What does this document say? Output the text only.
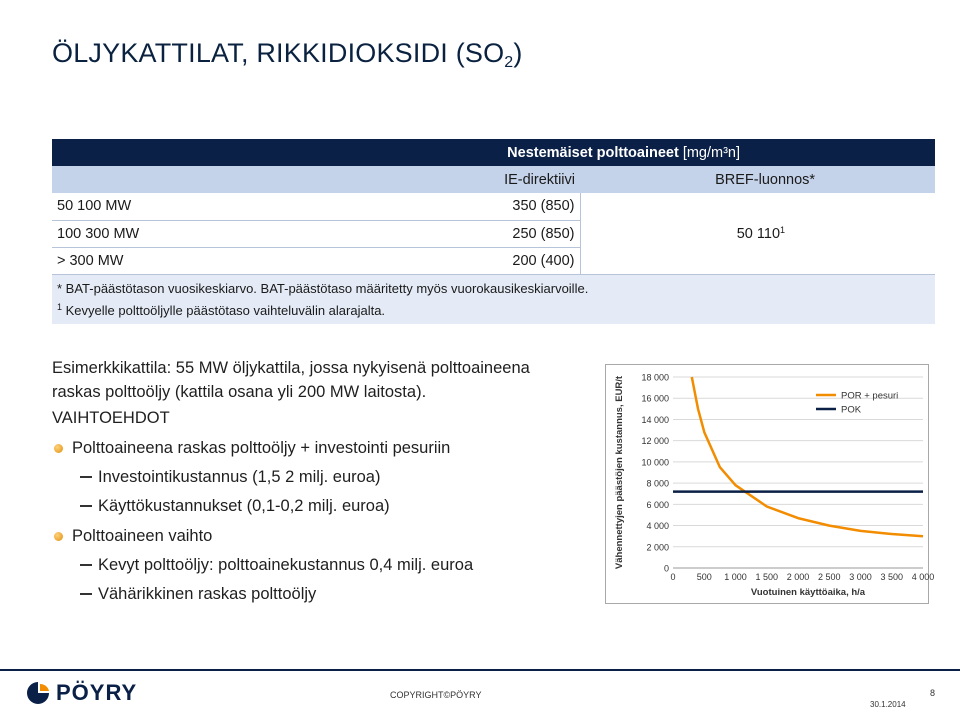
ÖLJYKATTILAT, RIKKIDIOKSIDI $(SO_2)$
Nestemäiset polttoaineet [mg/m³n]		
	IE-direktiivi	BREF-luonnos*
50 100 MW	350 (850)	50 $110^1$
100 300 MW	250 (850)	
> 300 MW	200 (400)	

* BAT-päästötason vuosikeskiarvo. BAT-päästötaso määritetty myös vuorokausikeskiarvoille.
$^1$ Kevyelle polttoöljylle päästötaso vaihteluvälin alarajalta.		

Esimerkkikattila: 55 MW öljykattila, jossa nykyisenä polttoaineena raskas polttoöljy (kattila osana yli 200 MW laitosta).

VAIHTOEHDOT

Polttoaineena raskas polttoöljy + investointi pesuriin
Investointikustannus (1,5 2 milj. euroa)
Käyttökustannukset (0,1-0,2 milj. euroa)
Polttoaineen vaihto
Kevyt polttoöljy: polttoainekustannus 0,4 milj. euroa
Vähärikkinen raskas polttoöljy
0
2 000
4 000
6 000
8 000
10 000
12 000
14 000
16 000
18 000
0 500 1 000 1 500 2 000 2 500 3 000 3 500 4 000
Vuotuinen käyttöaika, h/a
Vähennettyjen päästöjen kustannus, EUR/t	POR + pesuri
POK
PÖYRY	COPYRIGHT©PÖYRY	8
30.1.2014
